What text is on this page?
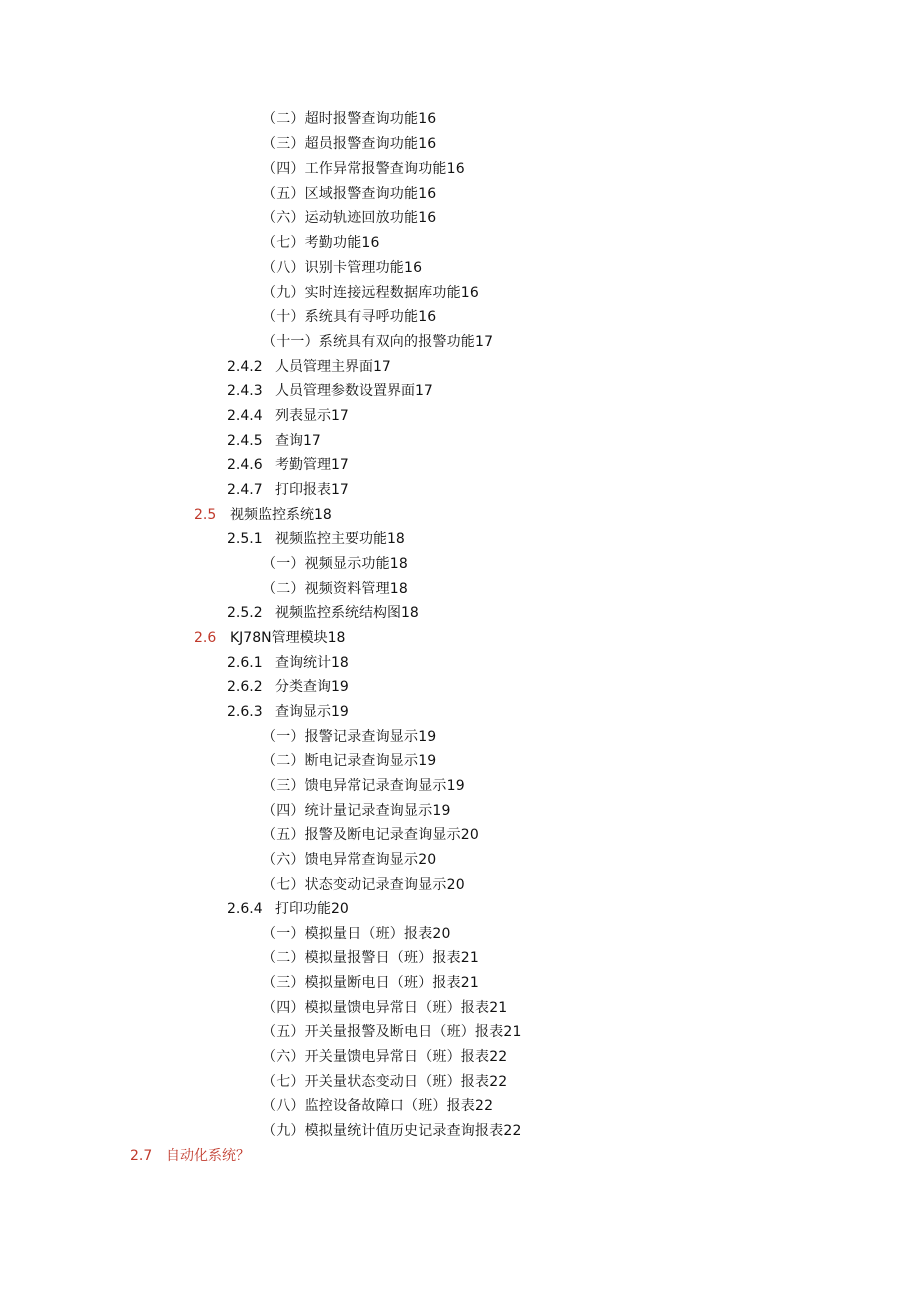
（二）超时报警查询功能16
（三）超员报警查询功能16
（四）工作异常报警查询功能16
（五）区域报警查询功能16
（六）运动轨迹回放功能16
（七）考勤功能16
（八）识别卡管理功能16
（九）实时连接远程数据库功能16
（十）系统具有寻呼功能16
（十一）系统具有双向的报警功能17
2.4.2 人员管理主界面17
2.4.3 人员管理参数设置界面17
2.4.4 列表显示17
2.4.5 查询17
2.4.6 考勤管理17
2.4.7 打印报表17
2.5 视频监控系统18
2.5.1 视频监控主要功能18
（一）视频显示功能18
（二）视频资料管理18
2.5.2 视频监控系统结构图18
2.6 KJ78N管理模块18
2.6.1 查询统计18
2.6.2 分类查询19
2.6.3 查询显示19
（一）报警记录查询显示19
（二）断电记录查询显示19
（三）馈电异常记录查询显示19
（四）统计量记录查询显示19
（五）报警及断电记录查询显示20
（六）馈电异常查询显示20
（七）状态变动记录查询显示20
2.6.4 打印功能20
（一）模拟量日（班）报表20
（二）模拟量报警日（班）报表21
（三）模拟量断电日（班）报表21
（四）模拟量馈电异常日（班）报表21
（五）开关量报警及断电日（班）报表21
（六）开关量馈电异常日（班）报表22
（七）开关量状态变动日（班）报表22
（八）监控设备故障口（班）报表22
（九）模拟量统计值历史记录查询报表22
2.7 自动化系统？
